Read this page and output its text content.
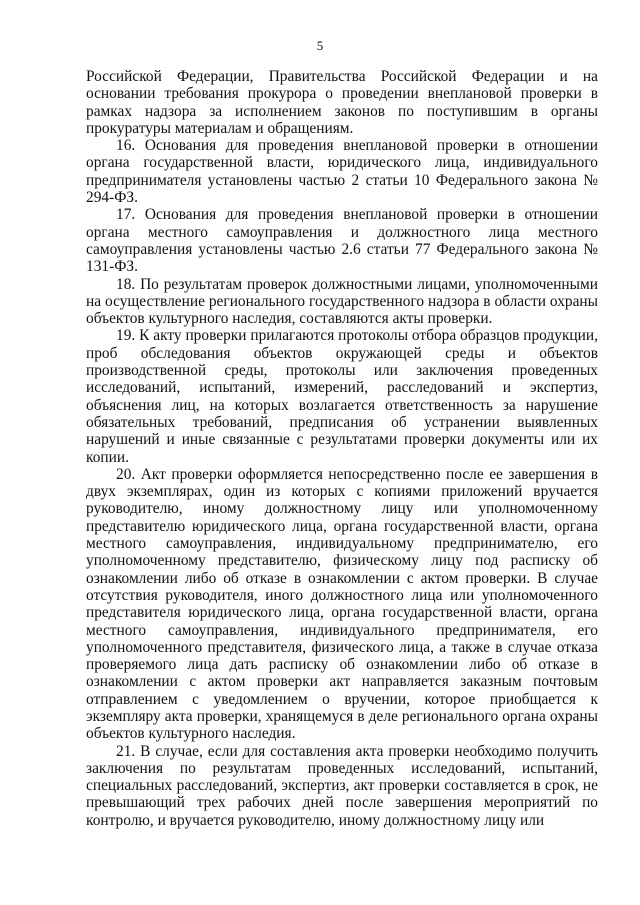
5

Российской Федерации, Правительства Российской Федерации и на основании требования прокурора о проведении внеплановой проверки в рамках надзора за исполнением законов по поступившим в органы прокуратуры материалам и обращениям.

16. Основания для проведения внеплановой проверки в отношении органа государственной власти, юридического лица, индивидуального предпринимателя установлены частью 2 статьи 10 Федерального закона № 294-ФЗ.

17. Основания для проведения внеплановой проверки в отношении органа местного самоуправления и должностного лица местного самоуправления установлены частью 2.6 статьи 77 Федерального закона № 131-ФЗ.

18. По результатам проверок должностными лицами, уполномоченными на осуществление регионального государственного надзора в области охраны объектов культурного наследия, составляются акты проверки.

19. К акту проверки прилагаются протоколы отбора образцов продукции, проб обследования объектов окружающей среды и объектов производственной среды, протоколы или заключения проведенных исследований, испытаний, измерений, расследований и экспертиз, объяснения лиц, на которых возлагается ответственность за нарушение обязательных требований, предписания об устранении выявленных нарушений и иные связанные с результатами проверки документы или их копии.

20. Акт проверки оформляется непосредственно после ее завершения в двух экземплярах, один из которых с копиями приложений вручается руководителю, иному должностному лицу или уполномоченному представителю юридического лица, органа государственной власти, органа местного самоуправления, индивидуальному предпринимателю, его уполномоченному представителю, физическому лицу под расписку об ознакомлении либо об отказе в ознакомлении с актом проверки. В случае отсутствия руководителя, иного должностного лица или уполномоченного представителя юридического лица, органа государственной власти, органа местного самоуправления, индивидуального предпринимателя, его уполномоченного представителя, физического лица, а также в случае отказа проверяемого лица дать расписку об ознакомлении либо об отказе в ознакомлении с актом проверки акт направляется заказным почтовым отправлением с уведомлением о вручении, которое приобщается к экземпляру акта проверки, хранящемуся в деле регионального органа охраны объектов культурного наследия.

21. В случае, если для составления акта проверки необходимо получить заключения по результатам проведенных исследований, испытаний, специальных расследований, экспертиз, акт проверки составляется в срок, не превышающий трех рабочих дней после завершения мероприятий по контролю, и вручается руководителю, иному должностному лицу или
